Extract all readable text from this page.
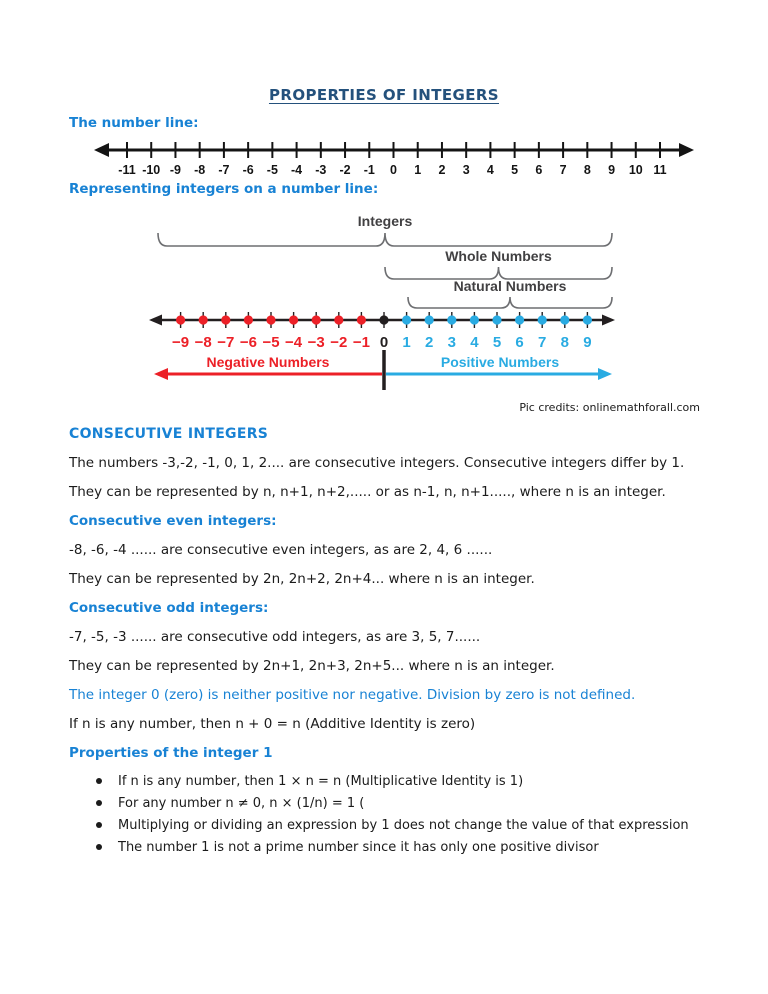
PROPERTIES OF INTEGERS
The number line:
-11 -10 -9 -8 -7 -6 -5 -4 -3 -2 -1 0 1 2 3 4 5 6 7 8 9 10 11
Representing integers on a number line:
Integers
Whole Numbers
Natural Numbers
−9 −8 −7 −6 −5 −4 −3 −2 −1 0 1 2 3 4 5 6 7 8 9
Negative Numbers	Positive Numbers
Pic credits: onlinemathforall.com
CONSECUTIVE INTEGERS
The numbers -3,-2, -1, 0, 1, 2.... are consecutive integers. Consecutive integers differ by 1.
They can be represented by n, n+1, n+2,..... or as n-1, n, n+1....., where n is an integer.
Consecutive even integers:
-8, -6, -4 ...... are consecutive even integers, as are 2, 4, 6 ......
They can be represented by 2n, 2n+2, 2n+4... where n is an integer.
Consecutive odd integers:
-7, -5, -3 ...... are consecutive odd integers, as are 3, 5, 7......
They can be represented by 2n+1, 2n+3, 2n+5... where n is an integer.
The integer 0 (zero) is neither positive nor negative. Division by zero is not defined.
If n is any number, then n + 0 = n (Additive Identity is zero)
Properties of the integer 1
If n is any number, then 1 × n = n (Multiplicative Identity is 1)
For any number n ≠ 0, n × (1/n) = 1 (
Multiplying or dividing an expression by 1 does not change the value of that expression
The number 1 is not a prime number since it has only one positive divisor
